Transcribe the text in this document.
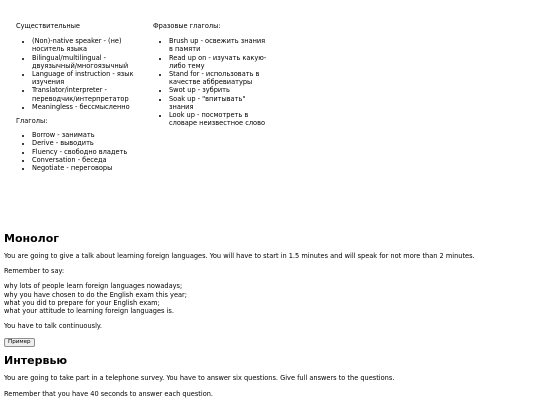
Существительные
• (Non)-native speaker - (не) носитель языка
• Bilingual/multilingual - двуязычный/многоязычный
• Language of instruction - язык изучения
• Translator/interpreter - переводчик/интерпретатор
• Meaningless - бессмысленно
Глаголы:
• Borrow - занимать
• Derive - выводить
• Fluency - свободно владеть
• Conversation - беседа
• Negotiate - переговоры
Фразовые глаголы:
• Brush up - освежить знания в памяти
• Read up on - изучать какую-либо тему
• Stand for - использовать в качестве аббревиатуры
• Swot up - зубрить
• Soak up - "впитывать" знания
• Look up - посмотреть в словаре неизвестное слово
Монолог
You are going to give a talk about learning foreign languages. You will have to start in 1.5 minutes and will speak for not more than 2 minutes.
Remember to say:
why lots of people learn foreign languages nowadays;
why you have chosen to do the English exam this year;
what you did to prepare for your English exam;
what your attitude to learning foreign languages is.
You have to talk continuously.
Пример
Интервью
You are going to take part in a telephone survey. You have to answer six questions. Give full answers to the questions.
Remember that you have 40 seconds to answer each question.
